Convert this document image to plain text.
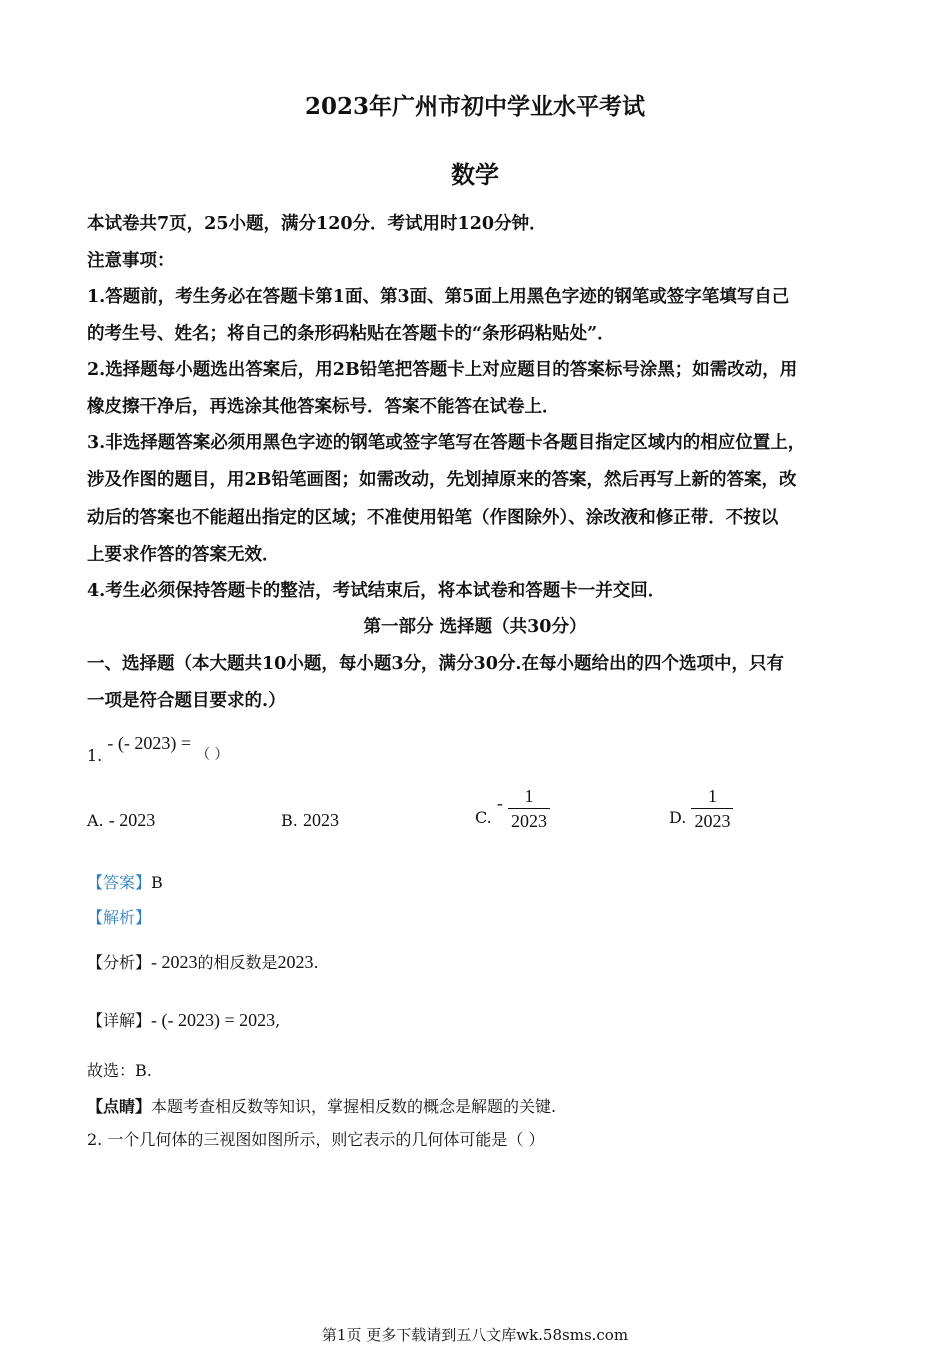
2023年广州市初中学业水平考试
数学
本试卷共7页，25小题，满分120分．考试用时120分钟．
注意事项：
1.答题前，考生务必在答题卡第1面、第3面、第5面上用黑色字迹的钢笔或签字笔填写自己
的考生号、姓名；将自己的条形码粘贴在答题卡的“条形码粘贴处”．
2.选择题每小题选出答案后，用2B铅笔把答题卡上对应题目的答案标号涂黑；如需改动，用
橡皮擦干净后，再选涂其他答案标号．答案不能答在试卷上．
3.非选择题答案必须用黑色字迹的钢笔或签字笔写在答题卡各题目指定区域内的相应位置上，
涉及作图的题目，用2B铅笔画图；如需改动，先划掉原来的答案，然后再写上新的答案，改
动后的答案也不能超出指定的区域；不准使用铅笔（作图除外）、涂改液和修正带．不按以
上要求作答的答案无效．
4.考生必须保持答题卡的整洁，考试结束后，将本试卷和答题卡一并交回．
第一部分 选择题（共30分）
一、选择题（本大题共10小题，每小题3分，满分30分.在每小题给出的四个选项中，只有
一项是符合题目要求的.）
1. - (- 2023) = （ ）
A. - 2023	B. 2023	C. - $\frac{1}{2023}$	D. $\frac{1}{2023}$
【答案】B
【解析】
【分析】- 2023的相反数是2023.
【详解】- (- 2023) = 2023,
故选：B.
【点睛】本题考查相反数等知识，掌握相反数的概念是解题的关键.
2. 一个几何体的三视图如图所示，则它表示的几何体可能是（ ）
第1页 更多下载请到五八文库wk.58sms.com
